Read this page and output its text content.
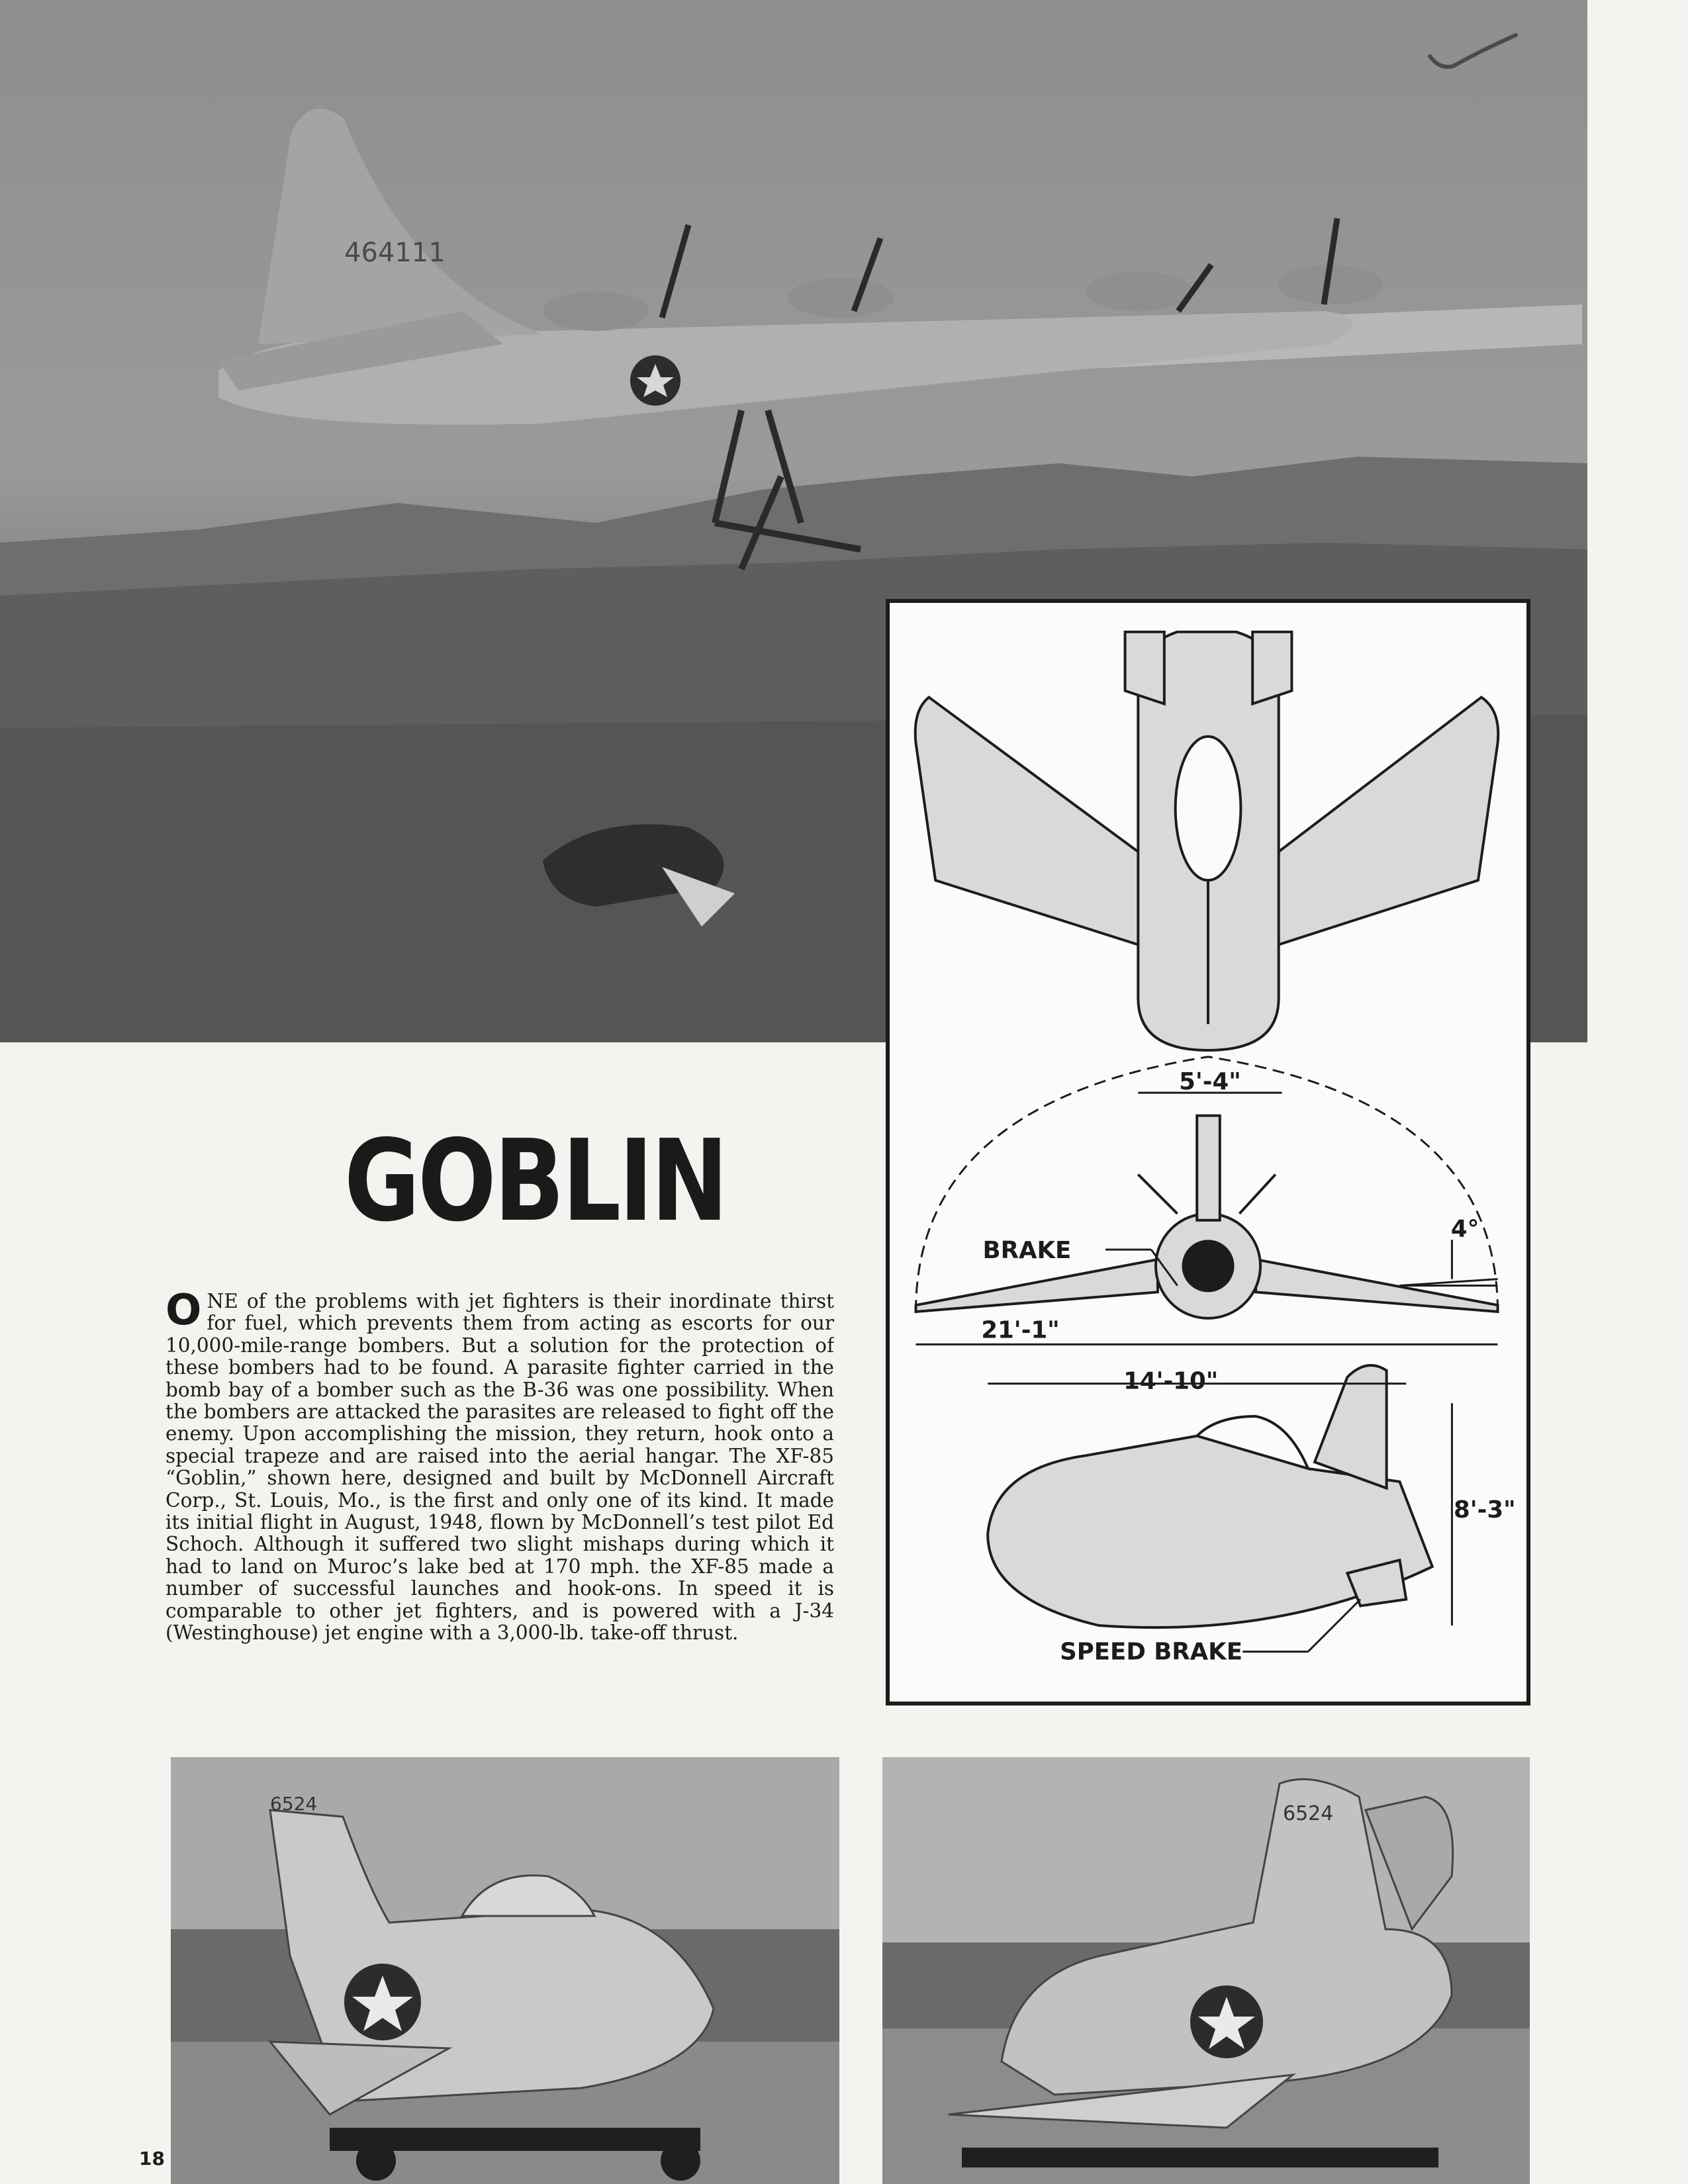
464111
5'-4"
4°
21'-1"
14'-10"
8'-3"
BRAKE
SPEED BRAKE
GOBLIN

ONE of the problems with jet fighters is their inordinate thirst for fuel, which prevents them from acting as escorts for our 10,000-mile-range bombers. But a solution for the protection of these bombers had to be found. A parasite fighter carried in the bomb bay of a bomber such as the B-36 was one possibility. When the bombers are attacked the parasites are released to fight off the enemy. Upon accomplishing the mission, they return, hook onto a special trapeze and are raised into the aerial hangar. The XF-85 “Goblin,” shown here, designed and built by McDonnell Aircraft Corp., St. Louis, Mo., is the first and only one of its kind. It made its initial flight in August, 1948, flown by McDonnell’s test pilot Ed Schoch. Although it suffered two slight mishaps during which it had to land on Muroc’s lake bed at 170 mph. the XF-85 made a number of successful launches and hook-ons. In speed it is comparable to other jet fighters, and is powered with a J-34 (Westinghouse) jet engine with a 3,000-lb. take-off thrust.

6524	6524
18
